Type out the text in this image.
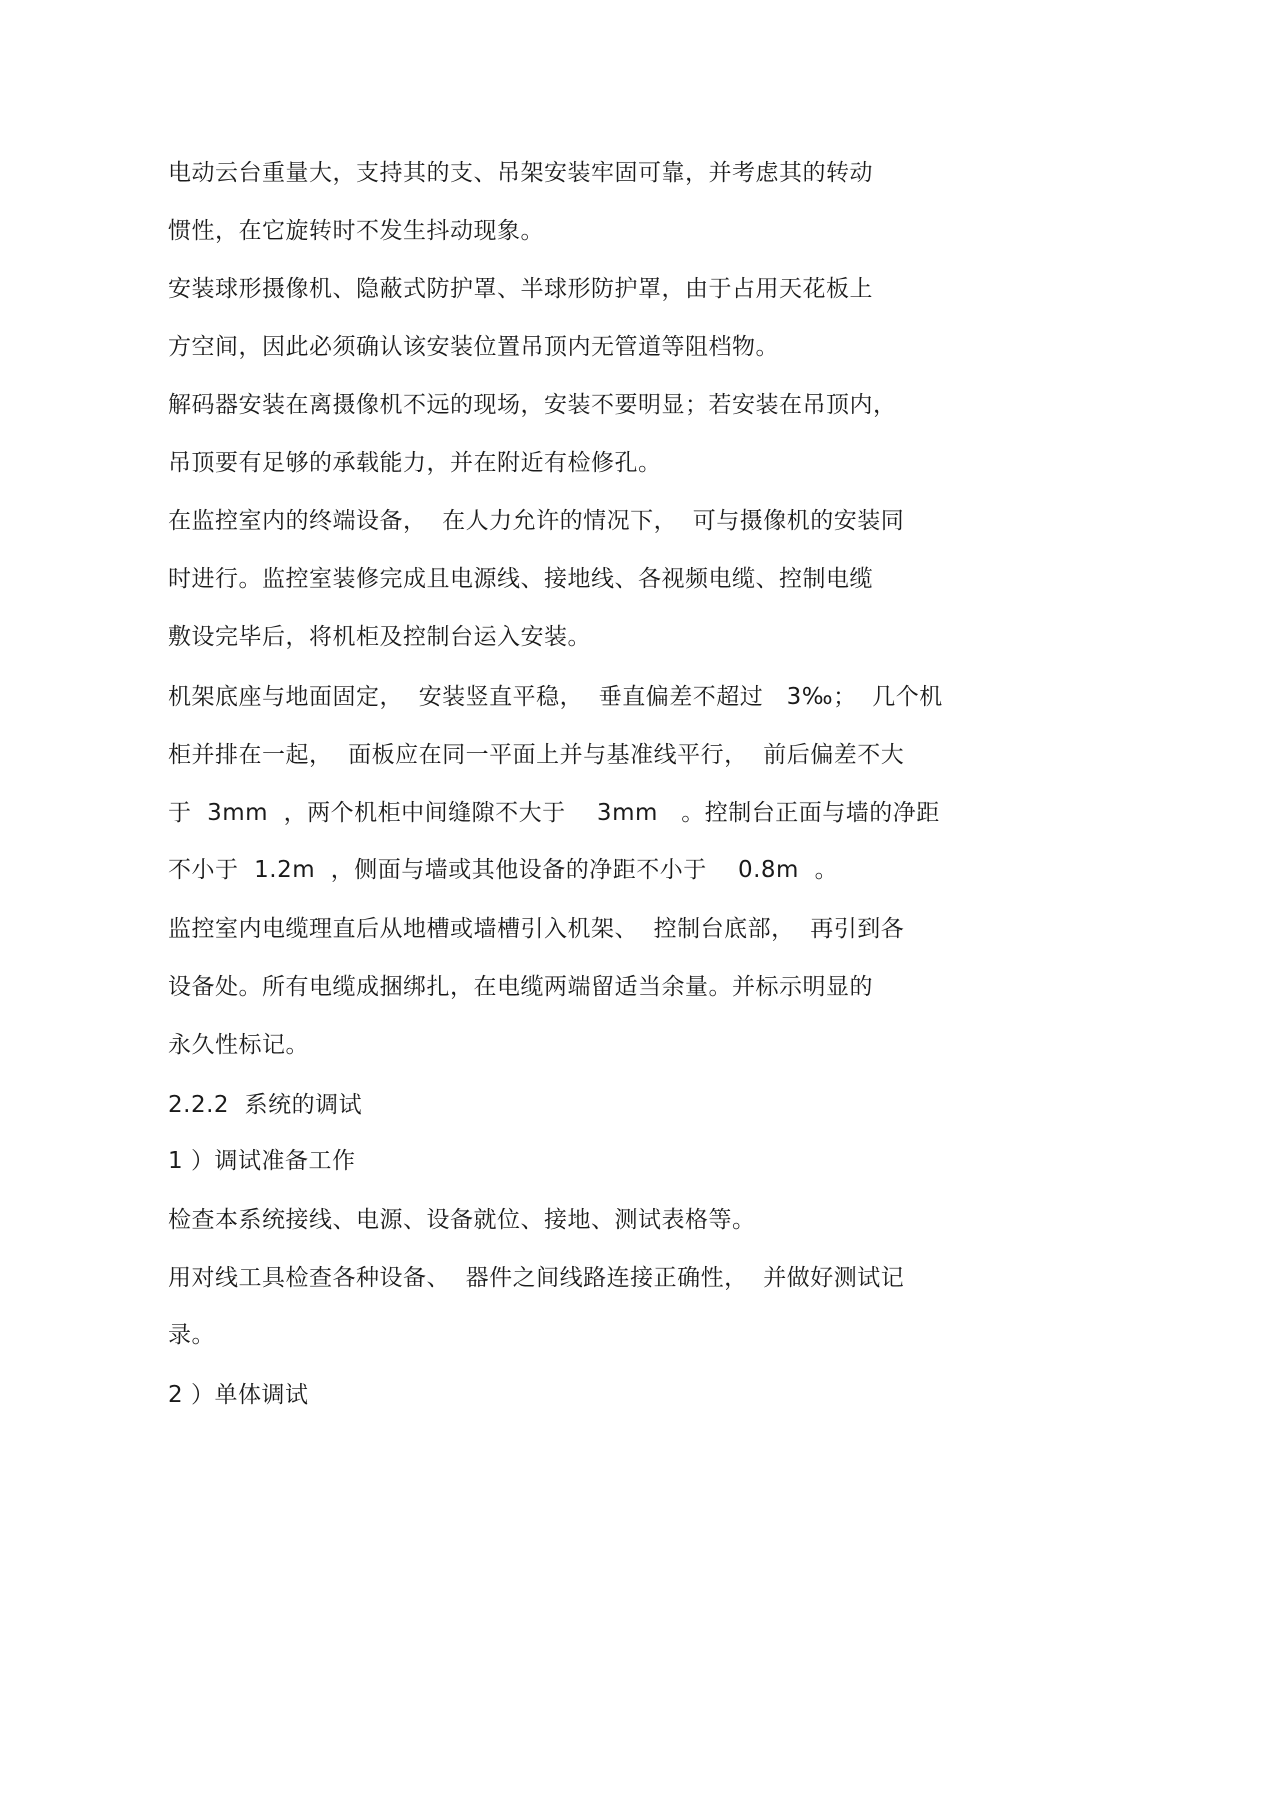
电动云台重量大，支持其的支、吊架安装牢固可靠，并考虑其的转动
惯性，在它旋转时不发生抖动现象。
安装球形摄像机、隐蔽式防护罩、半球形防护罩，由于占用天花板上
方空间，因此必须确认该安装位置吊顶内无管道等阻档物。
解码器安装在离摄像机不远的现场，安装不要明显；若安装在吊顶内，
吊顶要有足够的承载能力，并在附近有检修孔。
在监控室内的终端设备，  在人力允许的情况下，  可与摄像机的安装同
时进行。监控室装修完成且电源线、接地线、各视频电缆、控制电缆
敷设完毕后，将机柜及控制台运入安装。
机架底座与地面固定，  安装竖直平稳，  垂直偏差不超过   3‰；  几个机
柜并排在一起，  面板应在同一平面上并与基准线平行，  前后偏差不大
于  3mm  ，两个机柜中间缝隙不大于    3mm   。控制台正面与墙的净距
不小于  1.2m  ，侧面与墙或其他设备的净距不小于    0.8m  。
监控室内电缆理直后从地槽或墙槽引入机架、  控制台底部，  再引到各
设备处。所有电缆成捆绑扎，在电缆两端留适当余量。并标示明显的
永久性标记。
2.2.2  系统的调试
1 ）调试准备工作
检查本系统接线、电源、设备就位、接地、测试表格等。
用对线工具检查各种设备、  器件之间线路连接正确性，  并做好测试记
录。
2 ）单体调试
